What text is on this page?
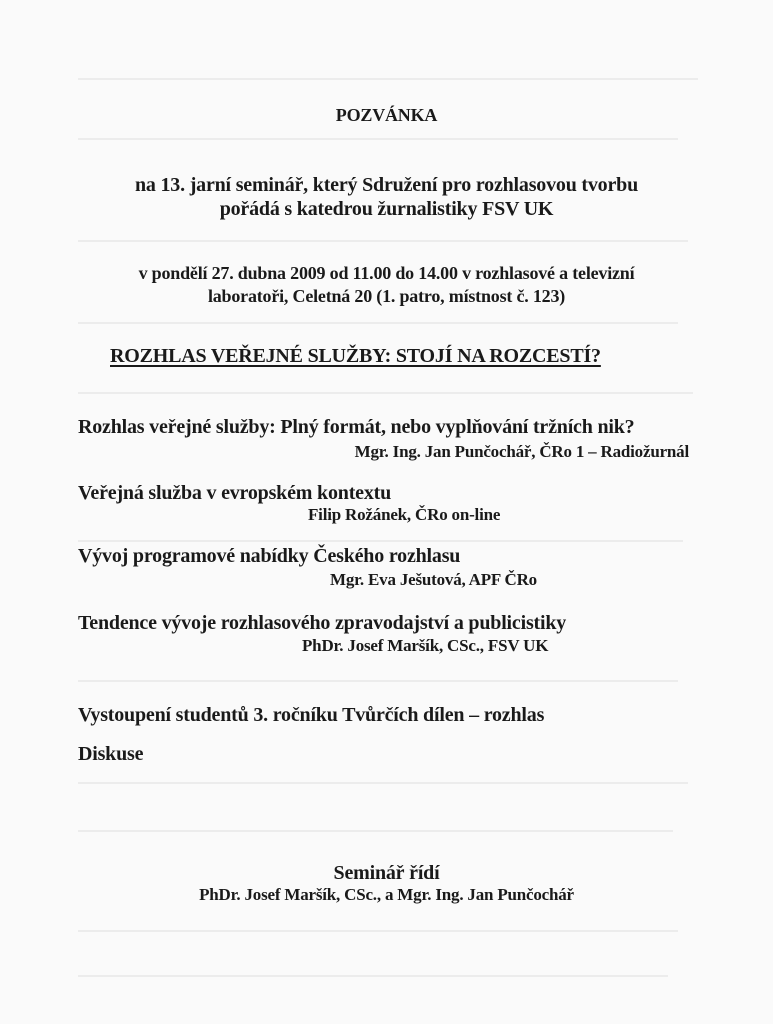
POZVÁNKA

na 13. jarní seminář, který Sdružení pro rozhlasovou tvorbu

pořádá s katedrou žurnalistiky FSV UK

v pondělí 27. dubna 2009 od 11.00 do 14.00 v rozhlasové a televizní

laboratoři, Celetná 20 (1. patro, místnost č. 123)

ROZHLAS VEŘEJNÉ SLUŽBY: STOJÍ NA ROZCESTÍ?

Rozhlas veřejné služby: Plný formát, nebo vyplňování tržních nik?

Mgr. Ing. Jan Punčochář, ČRo 1 – Radiožurnál

Veřejná služba v evropském kontextu

Filip Rožánek, ČRo on-line

Vývoj programové nabídky Českého rozhlasu

Mgr. Eva Ješutová, APF ČRo

Tendence vývoje rozhlasového zpravodajství a publicistiky

PhDr. Josef Maršík, CSc., FSV UK

Vystoupení studentů 3. ročníku Tvůrčích dílen – rozhlas

Diskuse

Seminář řídí

PhDr. Josef Maršík, CSc., a Mgr. Ing. Jan Punčochář
